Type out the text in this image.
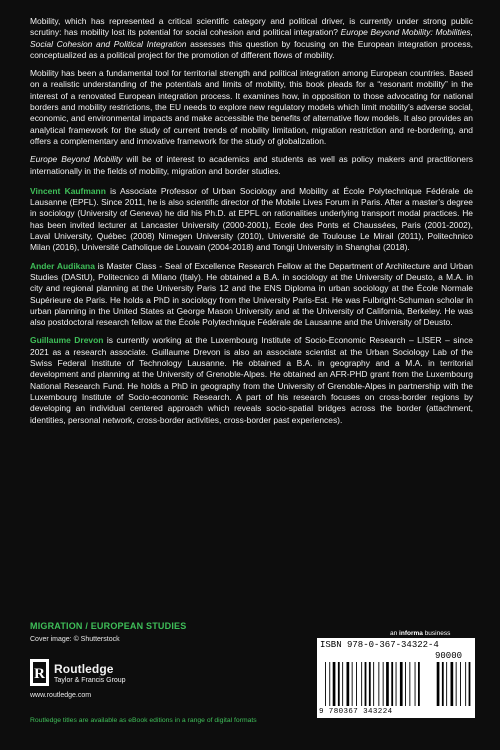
Mobility, which has represented a critical scientific category and political driver, is currently under strong public scrutiny: has mobility lost its potential for social cohesion and political integration? Europe Beyond Mobility: Mobilities, Social Cohesion and Political Integration assesses this question by focusing on the European integration process, conceptualized as a political project for the promotion of different flows of mobility.

Mobility has been a fundamental tool for territorial strength and political integration among European countries. Based on a realistic understanding of the potentials and limits of mobility, this book pleads for a “resonant mobility” in the interest of a renovated European integration process. It examines how, in opposition to those advocating for national borders and mobility restrictions, the EU needs to explore new regulatory models which limit mobility’s adverse social, economic, and environmental impacts and make accessible the benefits of alternative flow models. It also provides an analytical framework for the study of current trends of mobility limitation, migration restriction and re-bordering, and offers a complementary and innovative framework for the study of globalization.

Europe Beyond Mobility will be of interest to academics and students as well as policy makers and practitioners internationally in the fields of mobility, migration and border studies.

Vincent Kaufmann is Associate Professor of Urban Sociology and Mobility at École Polytechnique Fédérale de Lausanne (EPFL). Since 2011, he is also scientific director of the Mobile Lives Forum in Paris. After a master’s degree in sociology (University of Geneva) he did his Ph.D. at EPFL on rationalities underlying transport modal practices. He has been invited lecturer at Lancaster University (2000-2001), Ecole des Ponts et Chaussées, Paris (2001-2002), Laval University, Québec (2008) Nimegen University (2010), Université de Toulouse Le Mirail (2011), Politechnico Milan (2016), Université Catholique de Louvain (2004-2018) and Tongji University in Shanghai (2018).

Ander Audikana is Master Class - Seal of Excellence Research Fellow at the Department of Architecture and Urban Studies (DAStU), Politecnico di Milano (Italy). He obtained a B.A. in sociology at the University of Deusto, a M.A. in city and regional planning at the University Paris 12 and the ENS Diploma in urban sociology at the École Normale Supérieure de Paris. He holds a PhD in sociology from the University Paris-Est. He was Fulbright-Schuman scholar in urban planning in the United States at George Mason University and at the University of California, Berkeley. He was also postdoctoral research fellow at the École Polytechnique Fédérale de Lausanne and the University of Deusto.

Guillaume Drevon is currently working at the Luxembourg Institute of Socio-Economic Research – LISER – since 2021 as a research associate. Guillaume Drevon is also an associate scientist at the Urban Sociology Lab of the Swiss Federal Institute of Technology Lausanne. He obtained a B.A. in geography and a M.A. in territorial development and planning at the University of Grenoble-Alpes. He obtained an AFR-PHD grant from the Luxembourg National Research Fund. He holds a PhD in geography from the University of Grenoble-Alpes in partnership with the Luxembourg Institute of Socio-economic Research. A part of his research focuses on cross-border regions by developing an individual centered approach which reveals socio-spatial bridges across the border (attachment, identities, personal network, cross-border activities, cross-border past experiences).

MIGRATION / EUROPEAN STUDIES
Cover image: © Shutterstock
R Routledge
Taylor & Francis Group
www.routledge.com
an informa business
ISBN 978-0-367-34322-4
90000
9 780367 343224
Routledge titles are available as eBook editions in a range of digital formats
